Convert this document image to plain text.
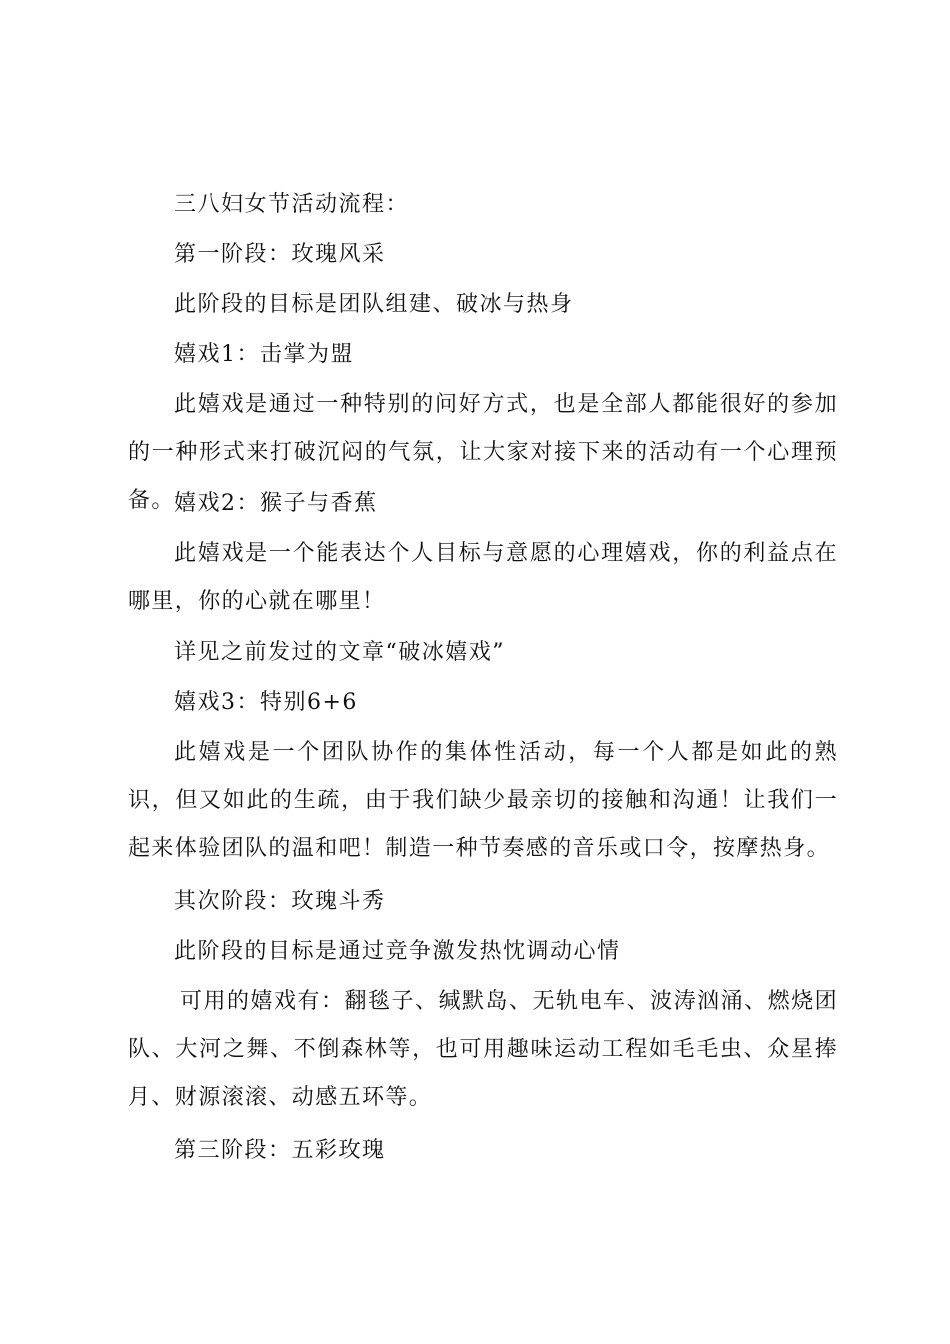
三八妇女节活动流程：
第一阶段：玫瑰风采
此阶段的目标是团队组建、破冰与热身
嬉戏1：击掌为盟
此嬉戏是通过一种特别的问好方式，也是全部人都能很好的参加的一种形式来打破沉闷的气氛，让大家对接下来的活动有一个心理预备。 嬉戏2：猴子与香蕉
此嬉戏是一个能表达个人目标与意愿的心理嬉戏，你的利益点在哪里，你的心就在哪里！
详见之前发过的文章“破冰嬉戏”
嬉戏3：特别6+6
此嬉戏是一个团队协作的集体性活动，每一个人都是如此的熟识，但又如此的生疏，由于我们缺少最亲切的接触和沟通！让我们一起来体验团队的温和吧！制造一种节奏感的音乐或口令，按摩热身。
其次阶段：玫瑰斗秀
此阶段的目标是通过竞争激发热忱调动心情
可用的嬉戏有：翻毯子、缄默岛、无轨电车、波涛汹涌、燃烧团队、大河之舞、不倒森林等，也可用趣味运动工程如毛毛虫、众星捧月、财源滚滚、动感五环等。
第三阶段：五彩玫瑰
